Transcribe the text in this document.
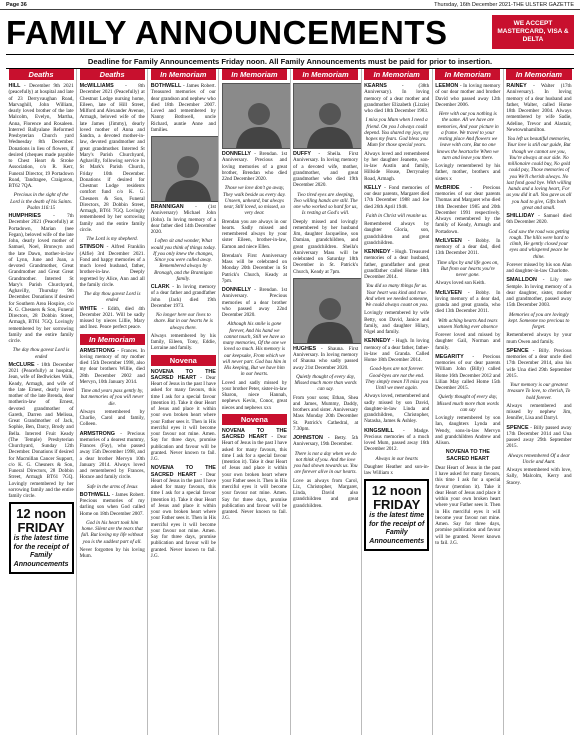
Page 36	Thursday, 16th December 2021-THE ULSTER GAZETTE
FAMILY ANNOUNCEMENTS	WE ACCEPT MASTERCARD, VISA & DELTA
Deadline for Family Announcements Friday noon. All Family Announcements must be paid for prior to insertion.
Deaths
HILL - December 9th 2021 (peacefully) at hospital and late of 23 Derryvaughan Road, Marvaghill, John William, dearly loved brother of the late Malcolm, Evelyn, Martha, Anna, Florence and Rosaleen. Interred Ballyalane Reformed Presbyterian Church yard Wednesday 8th December. Donations in lieu of flowers, if desired (cheques made payable to Chest Heart & Stroke Association, c/o R. Kerr, Funeral Director, 19 Portadown Road, Tandragee, Craigavon, BT62 7QA.
Precious in the sight of the Lord is the death of his Saints. Psalm 116:15
HUMPHRIES - 7th December 2021 (Peacefully) at Portadown, Marian (nee Fegan), beloved wife of the late John, dearly loved mother of Samuel, Noel, Bronwyn and the late Dawn, mother-in-law of Lynn, June and Joan, a devoted Grandmother, Great Grandmother and Great Great Grandmother. Interred St Mary's Parish Churchyard, Aghavilly, Thursday 9th December. Donations if desired for Southern Area Hospice, c/o K. G. Chesners & Son, Funeral Directors, 28 Dobbin Street, Armagh, BT61 7GQ. Lovingly remembered by her sorrowing family and the entire family circle.
The day thou gavest Lord is ended
McCLURE - 10th December 2021 (Peacefully) at hospital, Jean, wife of Bedlwickes Walk, Keady, Armagh, and wife of the late Ernest, dearly loved mother of the late Brenda, dear motherin-law of Ernest, devoted grandmother of Gareth, Darren and Melissa, Great Grandmother of Jack, Sophie, Ben, Darcy, Brody and Bella. Interred Fruit Keady (The Temple) Presbyterian Churchyard, Sunday 12th December. Donations if desired for Macmillan Cancer Support, c/o K. G. Chesners & Son, Funeral Directors, 28 Dobbin Street, Armagh BT61 7GQ. Lovingly remembered by her sorrowing family and the entire family circle.
12 noon
FRIDAY
is the latest time for the receipt of Family Announcements
Deaths
McWILLIAMS - 8th December 2021 (Peacefully) at Chestnut Lodge nursing home, Eileen, late of Hill Street, Milford and Alexander Avenue, Armagh, beloved wife of the late James (Jimmy), dearly loved mother of Anna and Sandra, a devoted mother-in-law, devoted grandmother and great grandmother. Interred St Mary's Parish Churchyard, Aghavilly, following service in St Mark's Parish Church, Friday 10th December. Donations if desired for Chestnut Lodge residents comfort fund c/o K. G. Chesners & Son, Funeral Directors, 28 Dobbin Street, Armagh, BT61 7GQ. Lovingly remembered by her sorrowing family and the entire family circle.
The Lord is my shepherd.
STINSON - Alfred Franklin (Alfie) 3rd December 2021. Fond and happy memories of a much loved husband, father, brother-in-law. Deeply regretted by Alice, Ann and all the family circle.
The day thou gavest Lord is ended
WHITE - Edith, died 4th December 2021. Will be sadly missed by nieces Lillie, Mary and Inez. Peace perfect peace.
In Memoriam
ARMSTRONG - Frances. In loving memory of my mother died 15th December 1998, also my dear brothers Willie, died 28th December 2002 and Mervyn, 10th January 2014.
Time and years pass gently by, but memories of you will never die.
Always remembered by Charlie, Carol and family, Colleen.
ARMSTRONG - Precious memories of a dearest mummy, Frances (Fay), who passed away 15th December 1998, and a dear brother Mervyn 10th January 2014. Always loved and remembered by Frances, Horace and family circle.
Safe in the arms of Jesus
BOTHWELL - James Robert. Precious memories of my darling son when God called Home on 18th December 2007.
God in his heart took him home. Silent are the tears that fall. But loving my life without you is the saddest part of all.
Never forgotten by his loving Mum.
In Memoriam
BOTHWELL - James Robert. Treasured memories of our dear grandson and nephew who died 18th December 2007. Loved and remembered by Nanny Bothwell, uncle Richard, auntie Anne and families.
BRANNIGAN - (1st Anniversary) Michael John (John). In loving memory of a dear father died 14th December 2020.
I often sit and wonder, What would you think of things today. If you only knew the changes, Since you were called away. Remembered always by Bronagh, and the Brannigan family.
CLARK - In loving memory of a dear father and grandfather John (Jack) died 19th December 1973.
No longer here our lives to share. But in our hearts he is always there.
Always remembered by his family, Eileen, Tony, Eddie, Lorraine and family.
Novena
NOVENA TO THE SACRED HEART - Dear Heart of Jesus in the past I have asked for many favours, this time I ask for a special favour (mention it). Take it dear Heart of Jesus and place it within your own broken heart where your Father sees it. Then in His merciful eyes it will become your favour not mine. Amen. Say for three days, promise publication and favour will be granted. Never known to fail. J.G.
NOVENA TO THE SACRED HEART - Dear Heart of Jesus in the past I have asked for many favours, this time I ask for a special favour (mention it). Take it dear Heart of Jesus and place it within your own broken heart where your Father sees it. Then in His merciful eyes it will become your favour not mine. Amen. Say for three days, promise publication and favour will be granted. Never known to fail. J.G.
In Memoriam
DONNELLY - Brendan. 1st Anniversary. Precious and loving memories of a great brother, Brendan who died 22nd December 2020.
Those we love don't go away, They walk beside us every day. Unseen, unheard, but always near, Still loved, so missed, so very dear.
Brendan you are always in our hearts. Sadly missed and remembered always by your sister Eileen, brother-in-law, Eamon and niece Ellen.
Brendan's First Anniversary Mass will be celebrated on Monday 20th December in St Patrick's Church, Keady at 7pm.
DONNELLY - Brendan. 1st Anniversary. Precious memories of a dear brother who passed away 22nd December 2020.
Although his smile is gone forever, And his hand we cannot touch, Still we have so many memories, Of the one we loved so much. His memory is our keepsake, From which we will never part. God has him in His keeping, But we have him in our hearts.
Loved and sadly missed by your brother Peter, sister-in-law Sharon, niece Hannah, nephews Kevin, Conor, great nieces and nephews xxx
Novena
NOVENA TO THE SACRED HEART - Dear Heart of Jesus in the past I have asked for many favours, this time I ask for a special favour (mention it). Take it dear Heart of Jesus and place it within your own broken heart where your Father sees it. Then in His merciful eyes it will become your favour not mine. Amen. Say for three days, promise publication and favour will be granted. Never known to fail. J.G.
In Memoriam
DUFFY - Sheila. First Anniversary. In loving memory of a devoted wife, mother, grandmother, and great grandmother who died 19th December 2020.
Two tired eyes are sleeping, Two willing hands are still. The one who worked so hard for us, Is resting at God's will.
Deeply missed and lovingly remembered by her husband Jim, daughter Jacqueline, son Damian, grandchildren, and great grandchildren. Sheila's Anniversary Mass will be celebrated on Saturday 18th December in St. Patrick's Church, Keady at 7pm.
HUGHES - Shauna. First Anniversary. In loving memory of Shauna who sadly passed away 21st December 2020.
Quietly thought of every day, Missed much more than words can say.
From your sons; Ethan, Shea and James, Mummy, Daddy, brothers and sister. Anniversary Mass Monday 20th December St. Patrick's Cathedral, at 7.30pm.
JOHNSTON - Betty. 5th Anniversary, 19th December.
There is not a day when we do not think of you. And the love you had shown towards us. You are forever alive in our hearts.
Love as always from Carol, Liz, Christopher, Margaret, Linda, David also grandchildren and great grandchildren.
In Memoriam
KEARNS - (38th Anniversary). In loving memory of a dear mother and grandmother Elizabeth (Lizzie) who died 18th December 1983.
I miss you Mum when I need a friend. On you I always could depend. You shared my joys, my hopes my fears. God bless you Mum for those special years.
Always loved and remembered by her daughter Jeanette, son-in-law Austin and family, Hillside House, Derrynaley Road, Armagh.
KELLY - Fond memories of our dear parents, Margaret died 17th December 1988 and Joe died 26th April 1948.
Faith in Christ will reunite us.
Remembered always by daughter Gloria, son, grandchildren and great grandchildren.
KENNEDY - Hugh. Treasured memories of a dear husband, father, grandfather and great grandfather called Home 18th December 2014.
You did so many things for us. Your heart was kind and true. And when we needed someone, We could always count on you.
Lovingly remembered by wife Betty, son David, Janice and family, and daughter Hilary, Nigel and family.
KENNEDY - Hugh. In loving memory of a dear father, father-in-law and Granda. Called Home 18th December 2014.
Good-byes are not forever. Good-byes are not the end. They simply mean I'll miss you Until we meet again.
Always loved, remembered and sadly missed by son David, daughter-in-law Linda and grandchildren, Christopher, Natasha, James & Ashley.
KINGSMILL - Madge. Precious memories of a much loved Mum, passed away 16th December 2012.
Always in our hearts
Daughter Heather and son-in-law William x
12 noon
FRIDAY
is the latest time for the receipt of Family Announcements
In Memoriam
LEEMON - In loving memory of our dear mother and brother David who passed away 12th December 2006.
Here with out you nothing is the same. All we have are memories, And your picture in a frame. We travel to your resting place And flowers we leave with care, But no one knows the heartache When we turn and leave you there.
Lovingly remembered by his father, mother, brothers and sisters x
McBRIDE - Precious memories of our dear parents Thomas and Margaret who died 18th December 1985 and 20th December 1991 respectively. Always remembered by the family of Keady, Armagh and Portadown.
McILVEEN - Bobby. In memory of a dear dad, died 13th December 2011.
Time slips by and life goes on, But from our hearts you're never gone.
Always loved son Keith.
McILVEEN - Bobby. In loving memory of a dear dad, granda and great granda, who died 13th December 2011.
With aching hearts And tears unseen Nothing ever absence
Forever loved and missed by daughter Gail, Norman and family.
MEGARITY - Precious memories of our dear parents William John (Billy) called Home 16th December 2012 and Lilian May called Home 15th December 2015.
Quietly thought of every day, Missed much more than words can say
Lovingly remembered by son Ian, daughters Lynda and Wendy, sons-in-law Mervyn and grandchildren Andrew and Alison.
NOVENA TO THE SACRED HEART
Dear Heart of Jesus in the past I have asked for many favours, this time I ask for a special favour (mention it). Take it dear Heart of Jesus and place it within your own broken heart where your Father sees it. Then in His merciful eyes it will become your favour not mine. Amen. Say for three days, promise publication and favour will be granted. Never known to fail. J.G.
In Memoriam
RAINEY - Walter (17th Anniversary). In loving memory of a dear husband and father, Walter, called Home 18th December 2004. Always remembered by wife Sadie, Adeline, Trevor and Alastair, Newtownhamilton.
You left us beautiful memories, Your love is still our guide, But though we cannot see you, You're always at our side. No millionaire could buy, No gold could pay, Those memories of you We'll cherish always. No last fond good bye. With willing hands and a loving heart, For us you did it all. You gave us all you had to give, Gifts both great and small.
SHILLIDAY - Samuel died 6th December 2020.
God saw the road was getting rough. The hills were hard to climb, He gently closed your eyes and whispered peace be thine.
Forever missed by his son Alan and daughter-in-law Charlotte.
SMALLDON - Lily nee Semple. In loving memory of a dear daughter, sister, mother and grandmother, passed away 15th December 2003.
Memories of you are lovingly kept. Someone too precious to forget.
Remembered always by your mum Owen and family.
SPENCE - Billy. Precious memories of a dear uncle died 17th December 2014, also his wife Una died 29th September 2015.
Your memory is our greatest treasure To love, to cherish, To hold forever.
Always remembered and missed by nephew Jim, Jennifer, Lisa and Darryl.
SPENCE - Billy passed away 17th December 2014 and Una passed away 29th September 2015.
Always remembered Of a dear Uncle and Aunt.
Always remembered with love, Sally, Malcolm, Kerry and Stacey.
